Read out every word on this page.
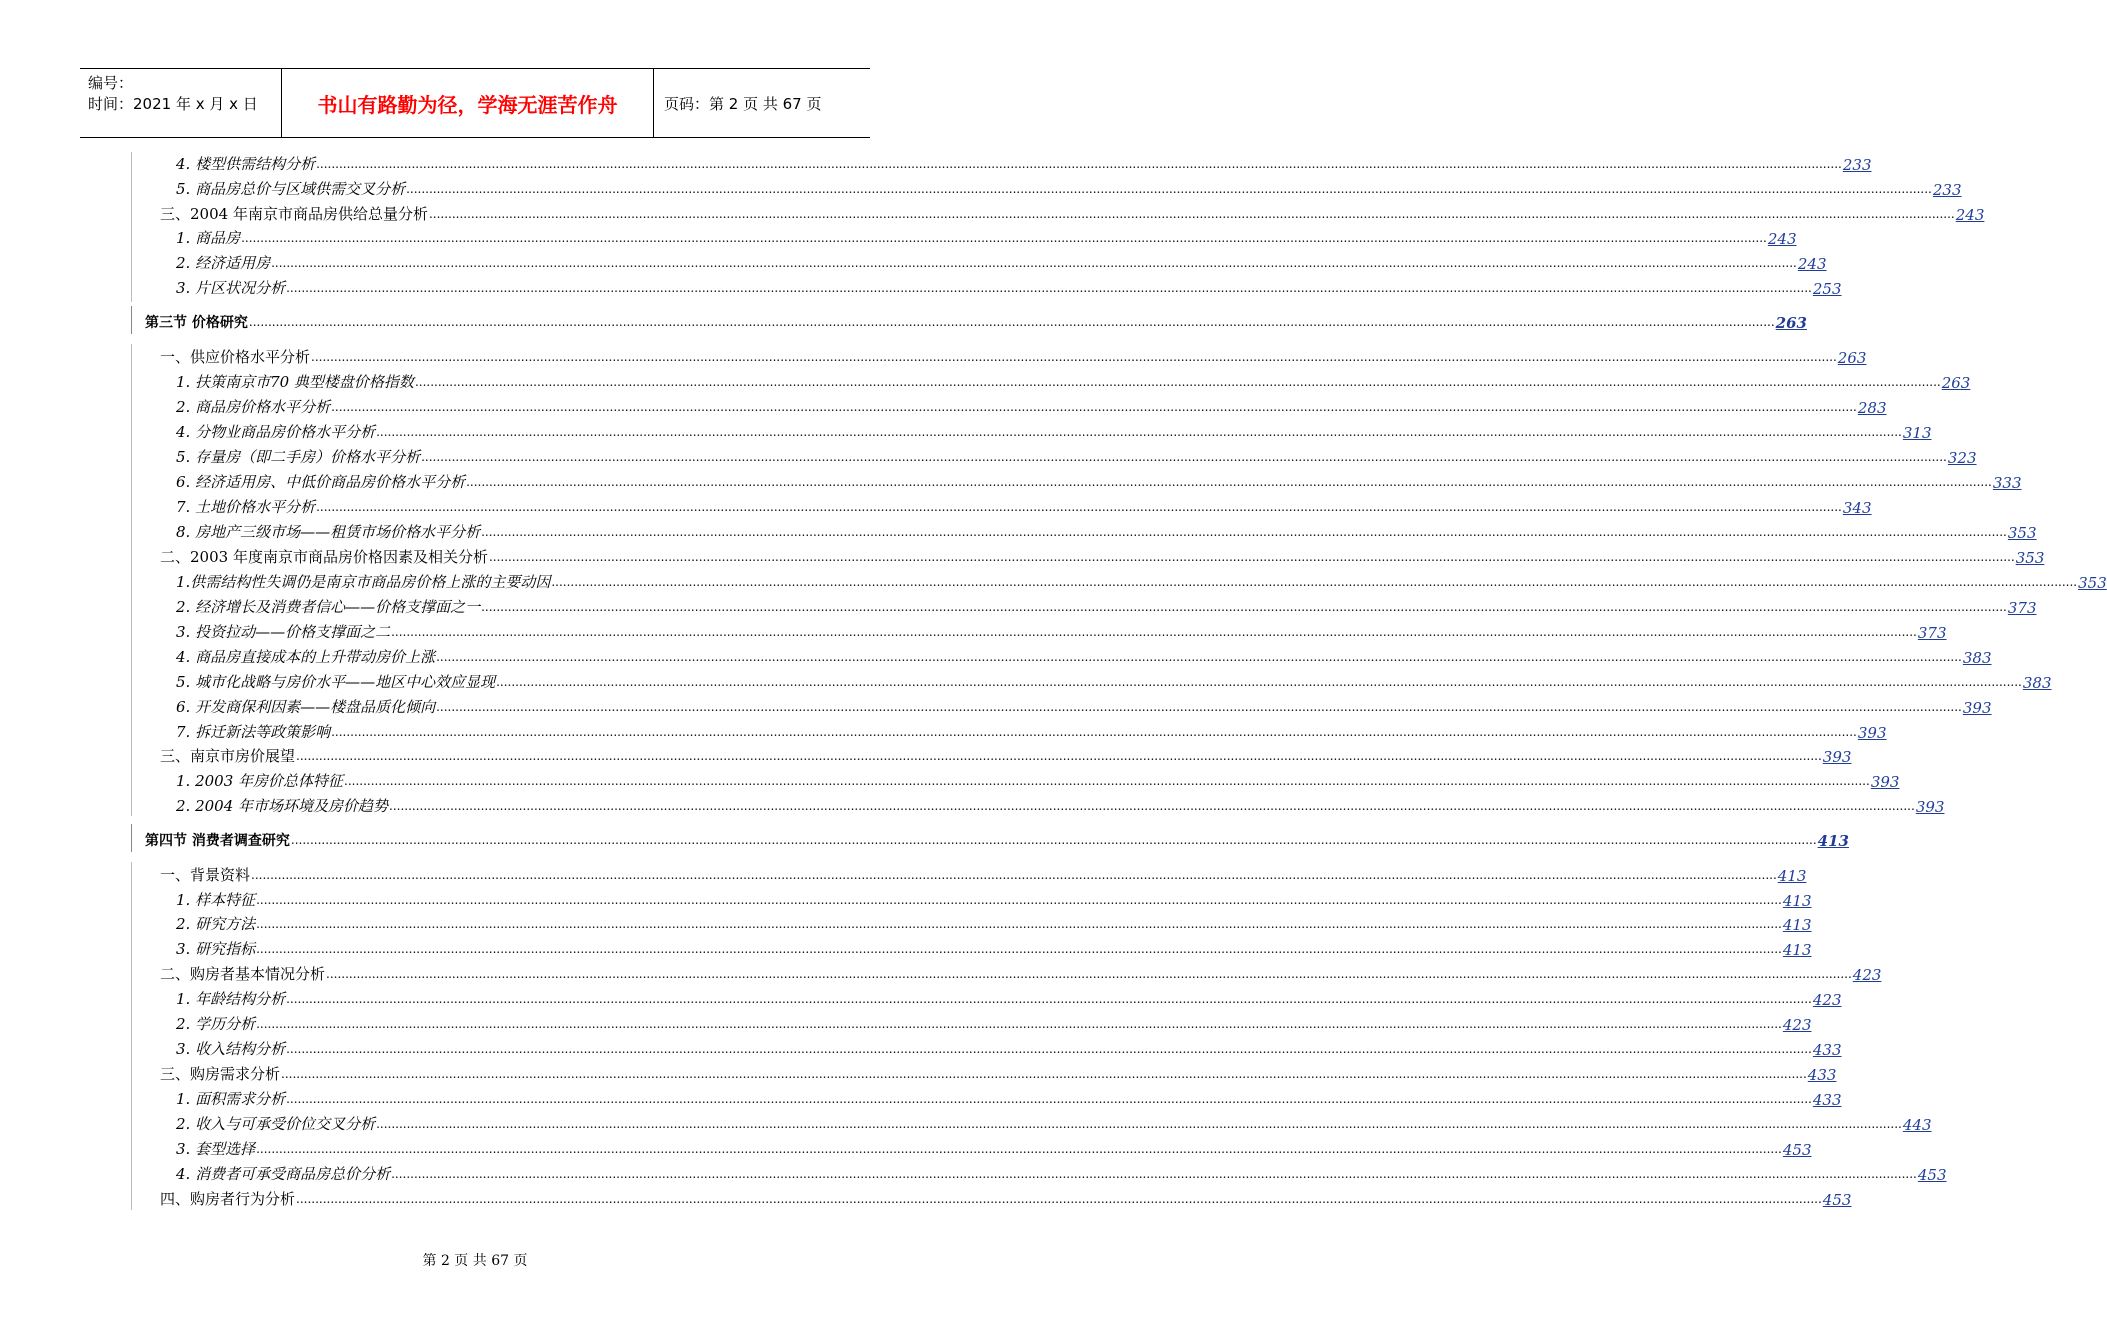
编号：
时间：2021 年 x 月 x 日	书山有路勤为径，学海无涯苦作舟	页码：第 2 页 共 67 页
4. 楼型供需结构分析 ................................................................................................................................................................................................................................................................................................................................................................................................................ 233
5. 商品房总价与区域供需交叉分析 ................................................................................................................................................................................................................................................................................................................................................................................................................ 233
三、2004 年南京市商品房供给总量分析 ................................................................................................................................................................................................................................................................................................................................................................................................................ 243
1. 商品房 ................................................................................................................................................................................................................................................................................................................................................................................................................ 243
2. 经济适用房 ................................................................................................................................................................................................................................................................................................................................................................................................................ 243
3. 片区状况分析 ................................................................................................................................................................................................................................................................................................................................................................................................................ 253
第三节 价格研究 ................................................................................................................................................................................................................................................................................................................................................................................................................ 263
一、供应价格水平分析 ................................................................................................................................................................................................................................................................................................................................................................................................................ 263
1. 扶策南京市70 典型楼盘价格指数 ................................................................................................................................................................................................................................................................................................................................................................................................................ 263
2. 商品房价格水平分析 ................................................................................................................................................................................................................................................................................................................................................................................................................ 283
4. 分物业商品房价格水平分析 ................................................................................................................................................................................................................................................................................................................................................................................................................ 313
5. 存量房（即二手房）价格水平分析 ................................................................................................................................................................................................................................................................................................................................................................................................................ 323
6. 经济适用房、中低价商品房价格水平分析 ................................................................................................................................................................................................................................................................................................................................................................................................................ 333
7. 土地价格水平分析 ................................................................................................................................................................................................................................................................................................................................................................................................................ 343
8. 房地产三级市场——租赁市场价格水平分析 ................................................................................................................................................................................................................................................................................................................................................................................................................ 353
二、2003 年度南京市商品房价格因素及相关分析 ................................................................................................................................................................................................................................................................................................................................................................................................................ 353
1.供需结构性失调仍是南京市商品房价格上涨的主要动因 ................................................................................................................................................................................................................................................................................................................................................................................................................ 353
2. 经济增长及消费者信心——价格支撑面之一 ................................................................................................................................................................................................................................................................................................................................................................................................................ 373
3. 投资拉动——价格支撑面之二 ................................................................................................................................................................................................................................................................................................................................................................................................................ 373
4. 商品房直接成本的上升带动房价上涨 ................................................................................................................................................................................................................................................................................................................................................................................................................ 383
5. 城市化战略与房价水平——地区中心效应显现 ................................................................................................................................................................................................................................................................................................................................................................................................................ 383
6. 开发商保利因素——楼盘品质化倾向 ................................................................................................................................................................................................................................................................................................................................................................................................................ 393
7. 拆迁新法等政策影响 ................................................................................................................................................................................................................................................................................................................................................................................................................ 393
三、南京市房价展望 ................................................................................................................................................................................................................................................................................................................................................................................................................ 393
1. 2003 年房价总体特征 ................................................................................................................................................................................................................................................................................................................................................................................................................ 393
2. 2004 年市场环境及房价趋势 ................................................................................................................................................................................................................................................................................................................................................................................................................ 393
第四节 消费者调查研究 ................................................................................................................................................................................................................................................................................................................................................................................................................ 413
一、背景资料 ................................................................................................................................................................................................................................................................................................................................................................................................................ 413
1. 样本特征 ................................................................................................................................................................................................................................................................................................................................................................................................................ 413
2. 研究方法 ................................................................................................................................................................................................................................................................................................................................................................................................................ 413
3. 研究指标 ................................................................................................................................................................................................................................................................................................................................................................................................................ 413
二、购房者基本情况分析 ................................................................................................................................................................................................................................................................................................................................................................................................................ 423
1. 年龄结构分析 ................................................................................................................................................................................................................................................................................................................................................................................................................ 423
2. 学历分析 ................................................................................................................................................................................................................................................................................................................................................................................................................ 423
3. 收入结构分析 ................................................................................................................................................................................................................................................................................................................................................................................................................ 433
三、购房需求分析 ................................................................................................................................................................................................................................................................................................................................................................................................................ 433
1. 面积需求分析 ................................................................................................................................................................................................................................................................................................................................................................................................................ 433
2. 收入与可承受价位交叉分析 ................................................................................................................................................................................................................................................................................................................................................................................................................ 443
3. 套型选择 ................................................................................................................................................................................................................................................................................................................................................................................................................ 453
4. 消费者可承受商品房总价分析 ................................................................................................................................................................................................................................................................................................................................................................................................................ 453
四、购房者行为分析 ................................................................................................................................................................................................................................................................................................................................................................................................................ 453
第 2 页 共 67 页
